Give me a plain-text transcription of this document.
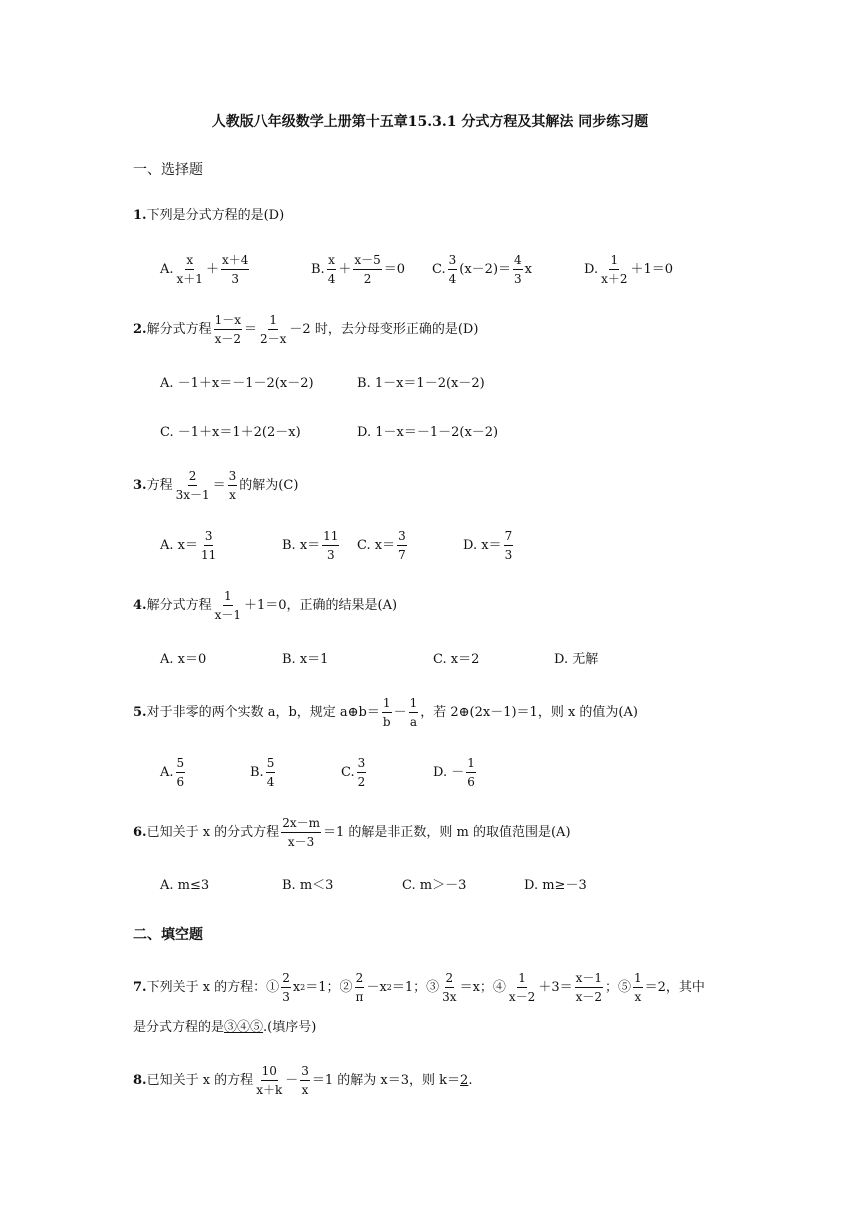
人教版八年级数学上册第十五章15.3.1 分式方程及其解法 同步练习题
一、选择题
1. 下列是分式方程的是(D)
A. $\frac{x}{x+1} + \frac{x+4}{3}$	B. $\frac{x}{4} + \frac{x-5}{2} =0$ C. $\frac{3}{4} (x-2)= \frac{4}{3}$ x	D. $\frac{1}{x+2} +1=0$
2. 解分式方程 $\frac{1-x}{x-2} = \frac{1}{2-x} -2$ 时，去分母变形正确的是(D)
A. －1＋x＝－1－2(x－2)	B. 1－x＝1－2(x－2)
C. －1＋x＝1＋2(2－x)	D. 1－x＝－1－2(x－2)
3. 方程 $\frac{2}{3x-1} = \frac{3}{x}$ 的解为(C)
A. $x= \frac{3}{11}$	B. $x= \frac{11}{3} C$. $x= \frac{3}{7}$	D. $x= \frac{7}{3}$
4. 解分式方程 $\frac{1}{x-1} +1=0$，正确的结果是(A)
A. x＝0	B. x＝1	C. x＝2	D. 无解
5. 对于非零的两个实数 a，b，规定 a⊕b＝ $\frac{1}{b} - \frac{1}{a}$ ，若 2⊕(2x－1)＝1，则 x 的值为(A)
A. $\frac{5}{6}$	B. $\frac{5}{4}$	C. $\frac{3}{2}$	D. － $\frac{1}{6}$
6. 已知关于 x 的分式方程 $\frac{2x-m}{x-3} =1$ 的解是非正数，则 m 的取值范围是(A)
A. m≤3	B. m＜3	C. m＞－3	D. m≥－3
二、填空题
7. 下列关于 x 的方程：① $\frac{2}{3}$ x 2 ＝1；② $\frac{2}{\pi} -x$ 2 ＝1；③ $\frac{2}{3x} =x$；④ $\frac{1}{x-2} +3= \frac{x-1}{x-2}$ ；⑤ $\frac{1}{x} =2$，其中
是分式方程的是③④⑤.(填序号)
8. 已知关于 x 的方程 $\frac{10}{x+k} - \frac{3}{x} =1$ 的解为 x＝3，则 k＝ 2 .
